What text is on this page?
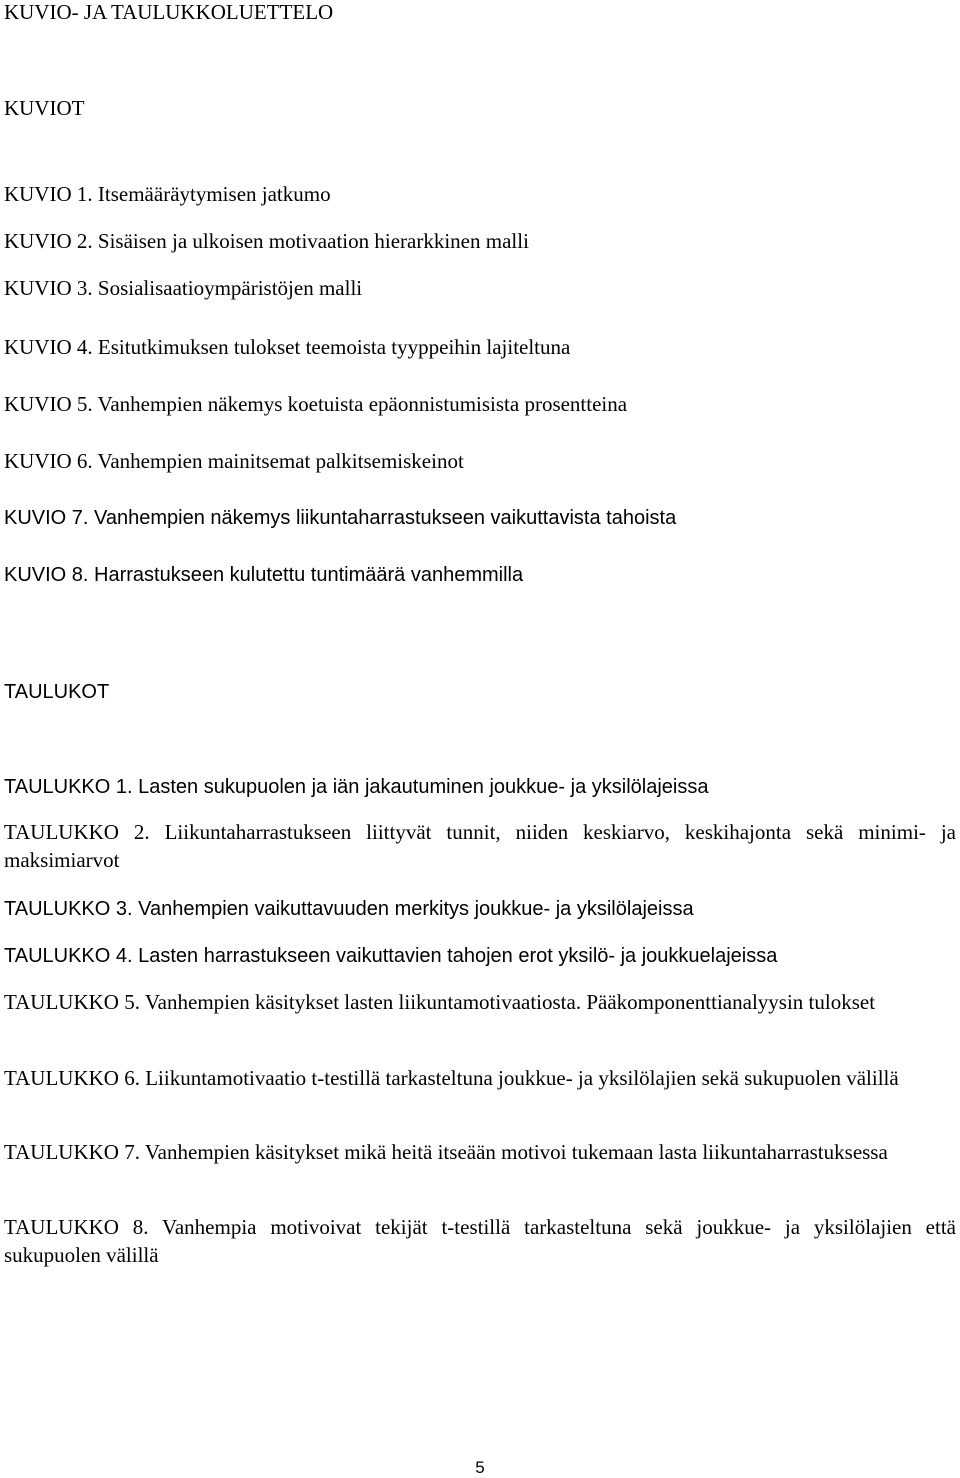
KUVIO- JA TAULUKKOLUETTELO
KUVIOT
KUVIO 1. Itsemääräytymisen jatkumo
KUVIO 2. Sisäisen ja ulkoisen motivaation hierarkkinen malli
KUVIO 3. Sosialisaatioympäristöjen malli
KUVIO 4. Esitutkimuksen tulokset teemoista tyyppeihin lajiteltuna
KUVIO 5. Vanhempien näkemys koetuista epäonnistumisista prosentteina
KUVIO 6. Vanhempien mainitsemat palkitsemiskeinot
KUVIO 7. Vanhempien näkemys liikuntaharrastukseen vaikuttavista tahoista
KUVIO 8. Harrastukseen kulutettu tuntimäärä vanhemmilla
TAULUKOT
TAULUKKO 1. Lasten sukupuolen ja iän jakautuminen joukkue- ja yksilölajeissa
TAULUKKO 2. Liikuntaharrastukseen liittyvät tunnit, niiden keskiarvo, keskihajonta sekä minimi- ja maksimiarvot
TAULUKKO 3. Vanhempien vaikuttavuuden merkitys joukkue- ja yksilölajeissa
TAULUKKO 4. Lasten harrastukseen vaikuttavien tahojen erot yksilö- ja joukkuelajeissa
TAULUKKO 5. Vanhempien käsitykset lasten liikuntamotivaatiosta. Pääkomponenttianalyysin tulokset
TAULUKKO 6. Liikuntamotivaatio t-testillä tarkasteltuna joukkue- ja yksilölajien sekä sukupuolen välillä
TAULUKKO 7. Vanhempien käsitykset mikä heitä itseään motivoi tukemaan lasta liikuntaharrastuksessa
TAULUKKO 8. Vanhempia motivoivat tekijät t-testillä tarkasteltuna sekä joukkue- ja yksilölajien että sukupuolen välillä
5
